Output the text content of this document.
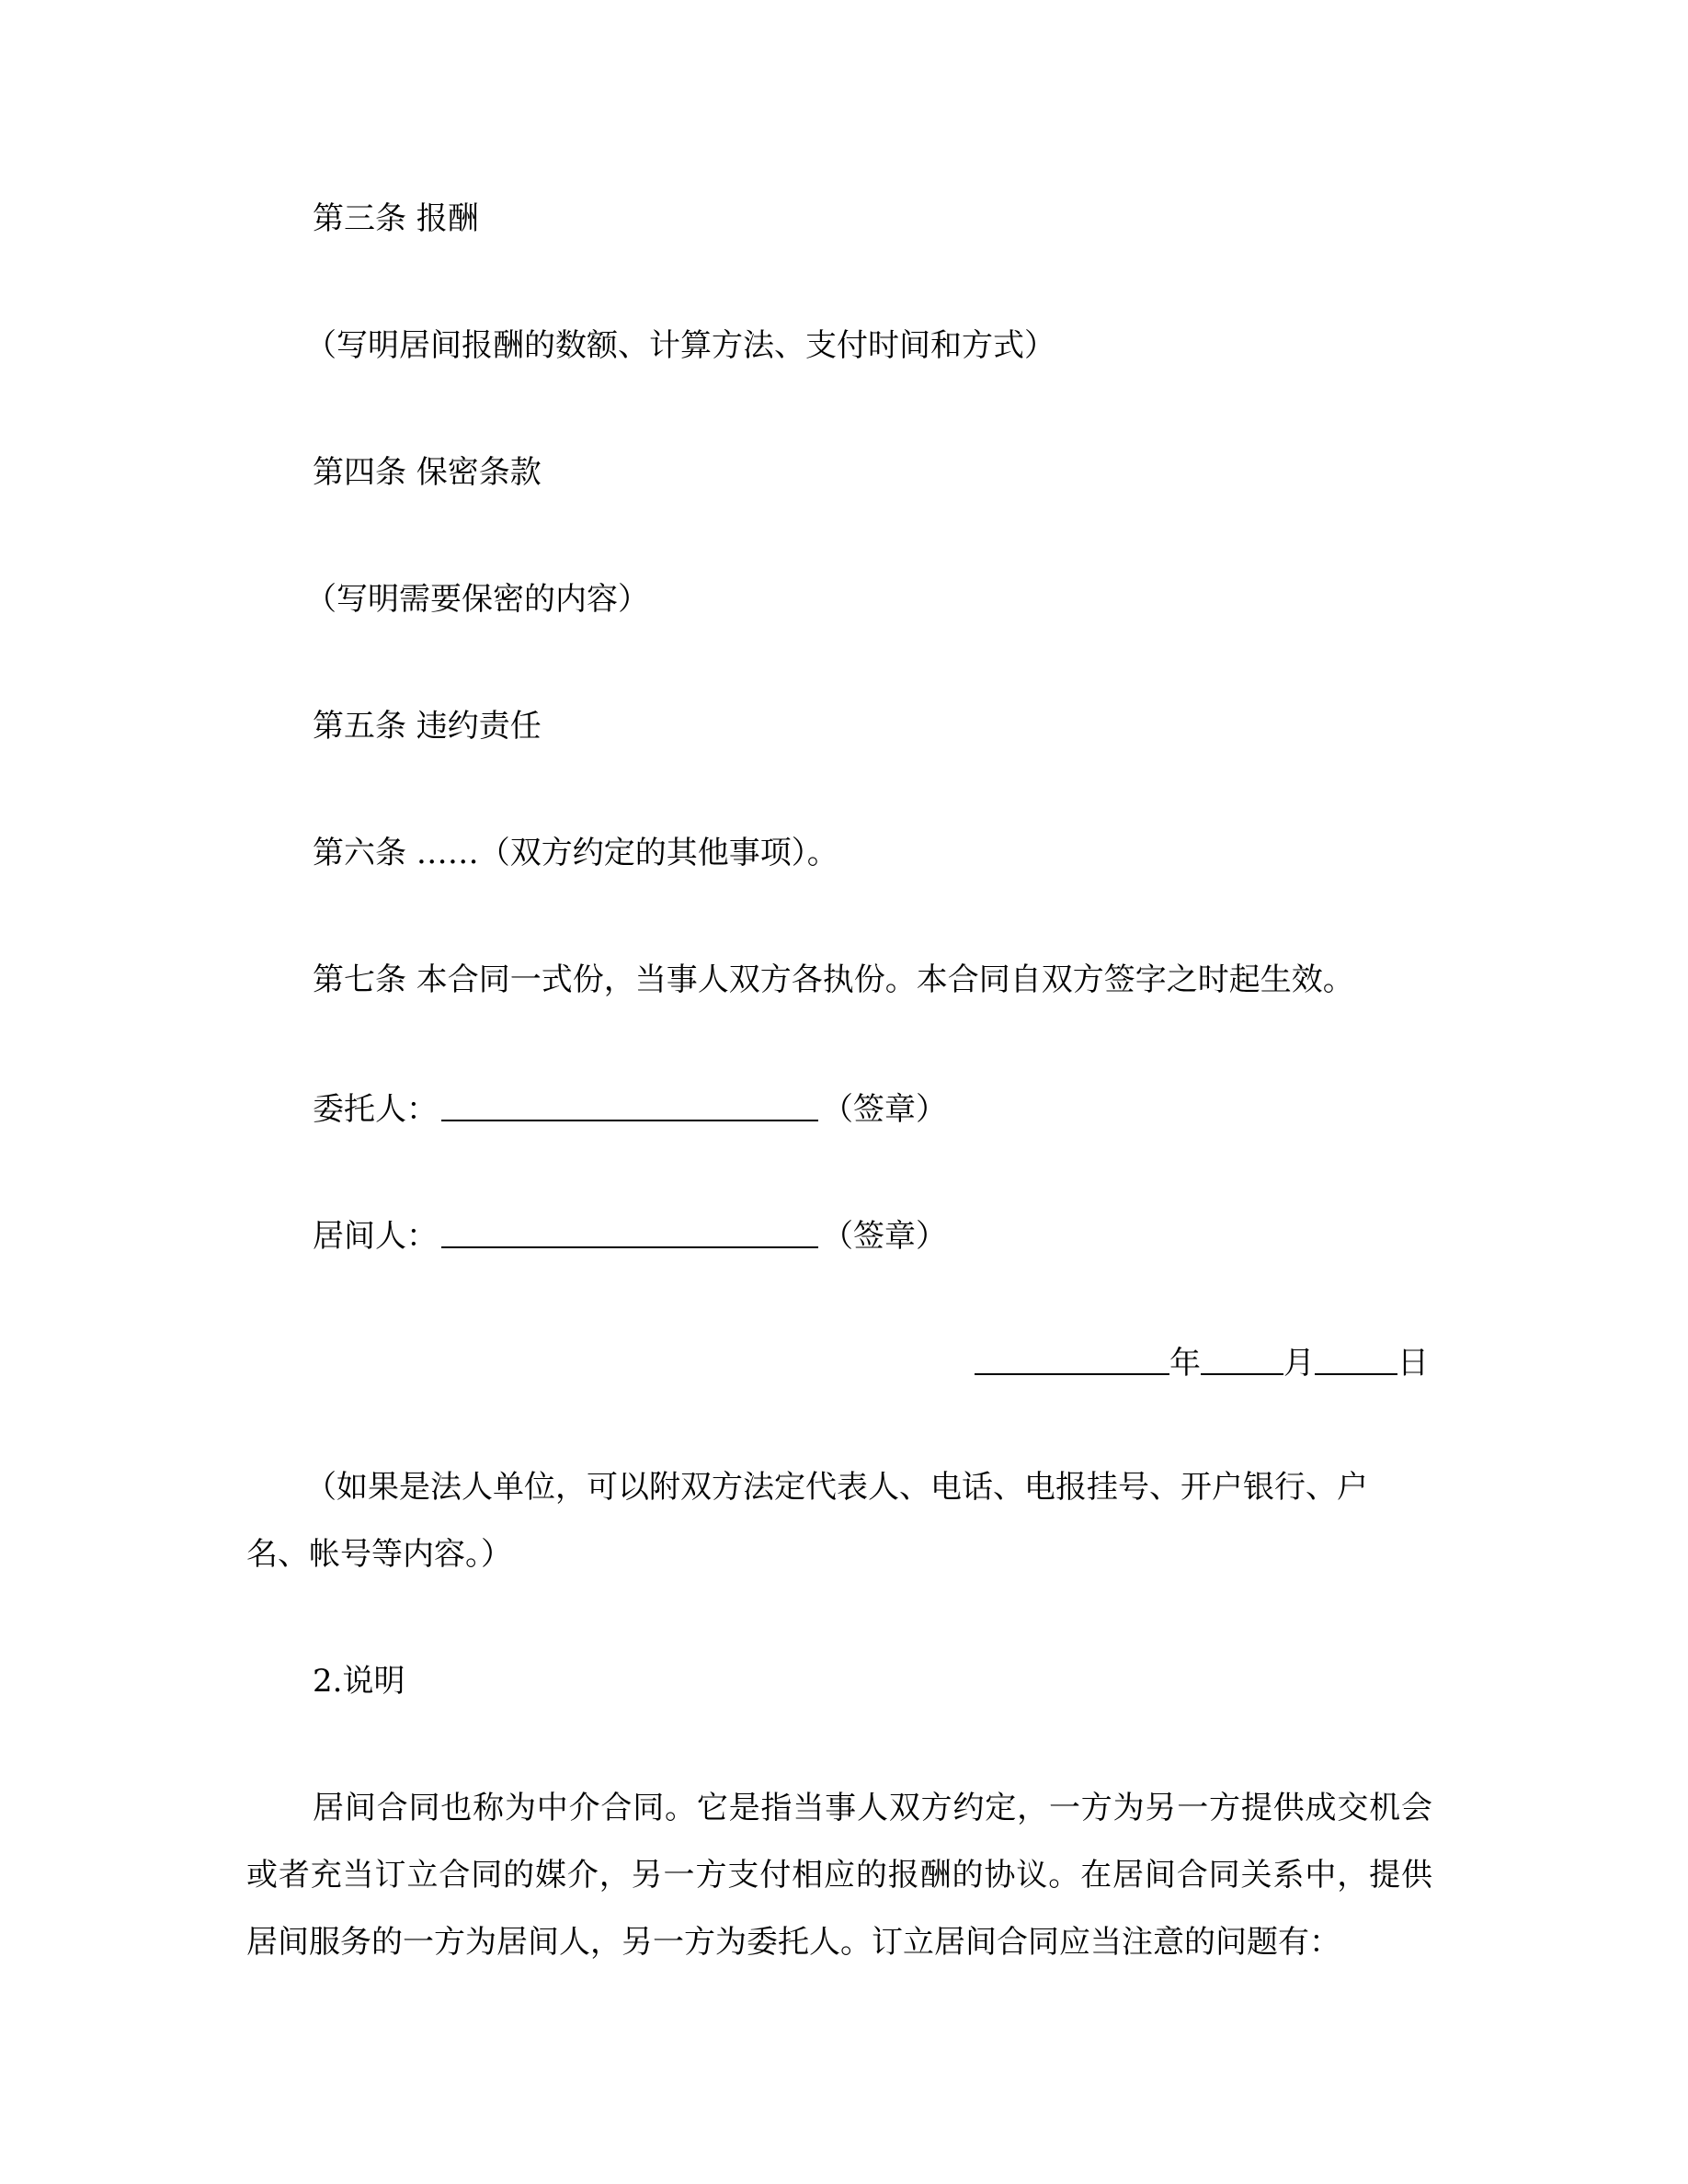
第三条 报酬
（写明居间报酬的数额、计算方法、支付时间和方式）
第四条 保密条款
（写明需要保密的内容）
第五条 违约责任
第六条 ……（双方约定的其他事项）。
第七条 本合同一式份，当事人双方各执份。本合同自双方签字之时起生效。
委托人：	（签章）
居间人：	（签章）
年	月	日
（如果是法人单位，可以附双方法定代表人、电话、电报挂号、开户银行、户
名、帐号等内容。）
2.说明
居间合同也称为中介合同。它是指当事人双方约定，一方为另一方提供成交机会或者充当订立合同的媒介，另一方支付相应的报酬的协议。在居间合同关系中，提供居间服务的一方为居间人，另一方为委托人。订立居间合同应当注意的问题有：
